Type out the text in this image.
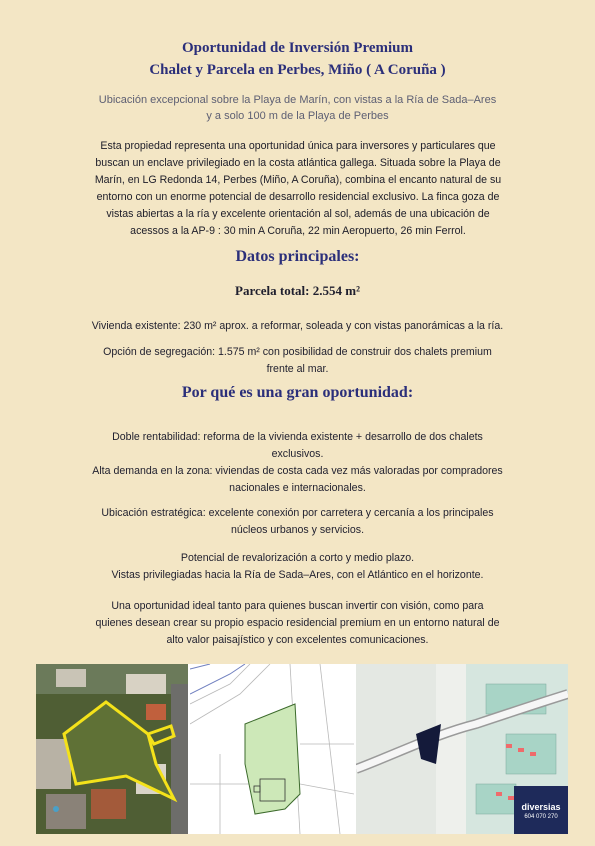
Oportunidad de Inversión Premium
Chalet y Parcela en Perbes, Miño ( A Coruña )
Ubicación excepcional sobre la Playa de Marín, con vistas a la Ría de Sada–Ares
y a solo 100 m de la Playa de Perbes
Esta propiedad representa una oportunidad única para inversores y particulares que
buscan un enclave privilegiado en la costa atlántica gallega. Situada sobre la Playa de
Marín, en LG Redonda 14, Perbes (Miño, A Coruña), combina el encanto natural de su
entorno con un enorme potencial de desarrollo residencial exclusivo. La finca goza de
vistas abiertas a la ría y excelente orientación al sol, además de una ubicación de
acessos a la AP-9 : 30 min A Coruña, 22 min Aeropuerto, 26 min Ferrol.
Datos principales:
Parcela total: 2.554 m²
Vivienda existente: 230 m² aprox. a reformar, soleada y con vistas panorámicas a la ría.
Opción de segregación: 1.575 m² con posibilidad de construir dos chalets premium
frente al mar.
Por qué es una gran oportunidad:
Doble rentabilidad: reforma de la vivienda existente + desarrollo de dos chalets
exclusivos.
Alta demanda en la zona: viviendas de costa cada vez más valoradas por compradores
nacionales e internacionales.
Ubicación estratégica: excelente conexión por carretera y cercanía a los principales
núcleos urbanos y servicios.
Potencial de revalorización a corto y medio plazo.
Vistas privilegiadas hacia la Ría de Sada–Ares, con el Atlántico en el horizonte.
Una oportunidad ideal tanto para quienes buscan invertir con visión, como para
quienes desean crear su propio espacio residencial premium en un entorno natural de
alto valor paisajístico y con excelentes comunicaciones.
diversias
604 070 270
